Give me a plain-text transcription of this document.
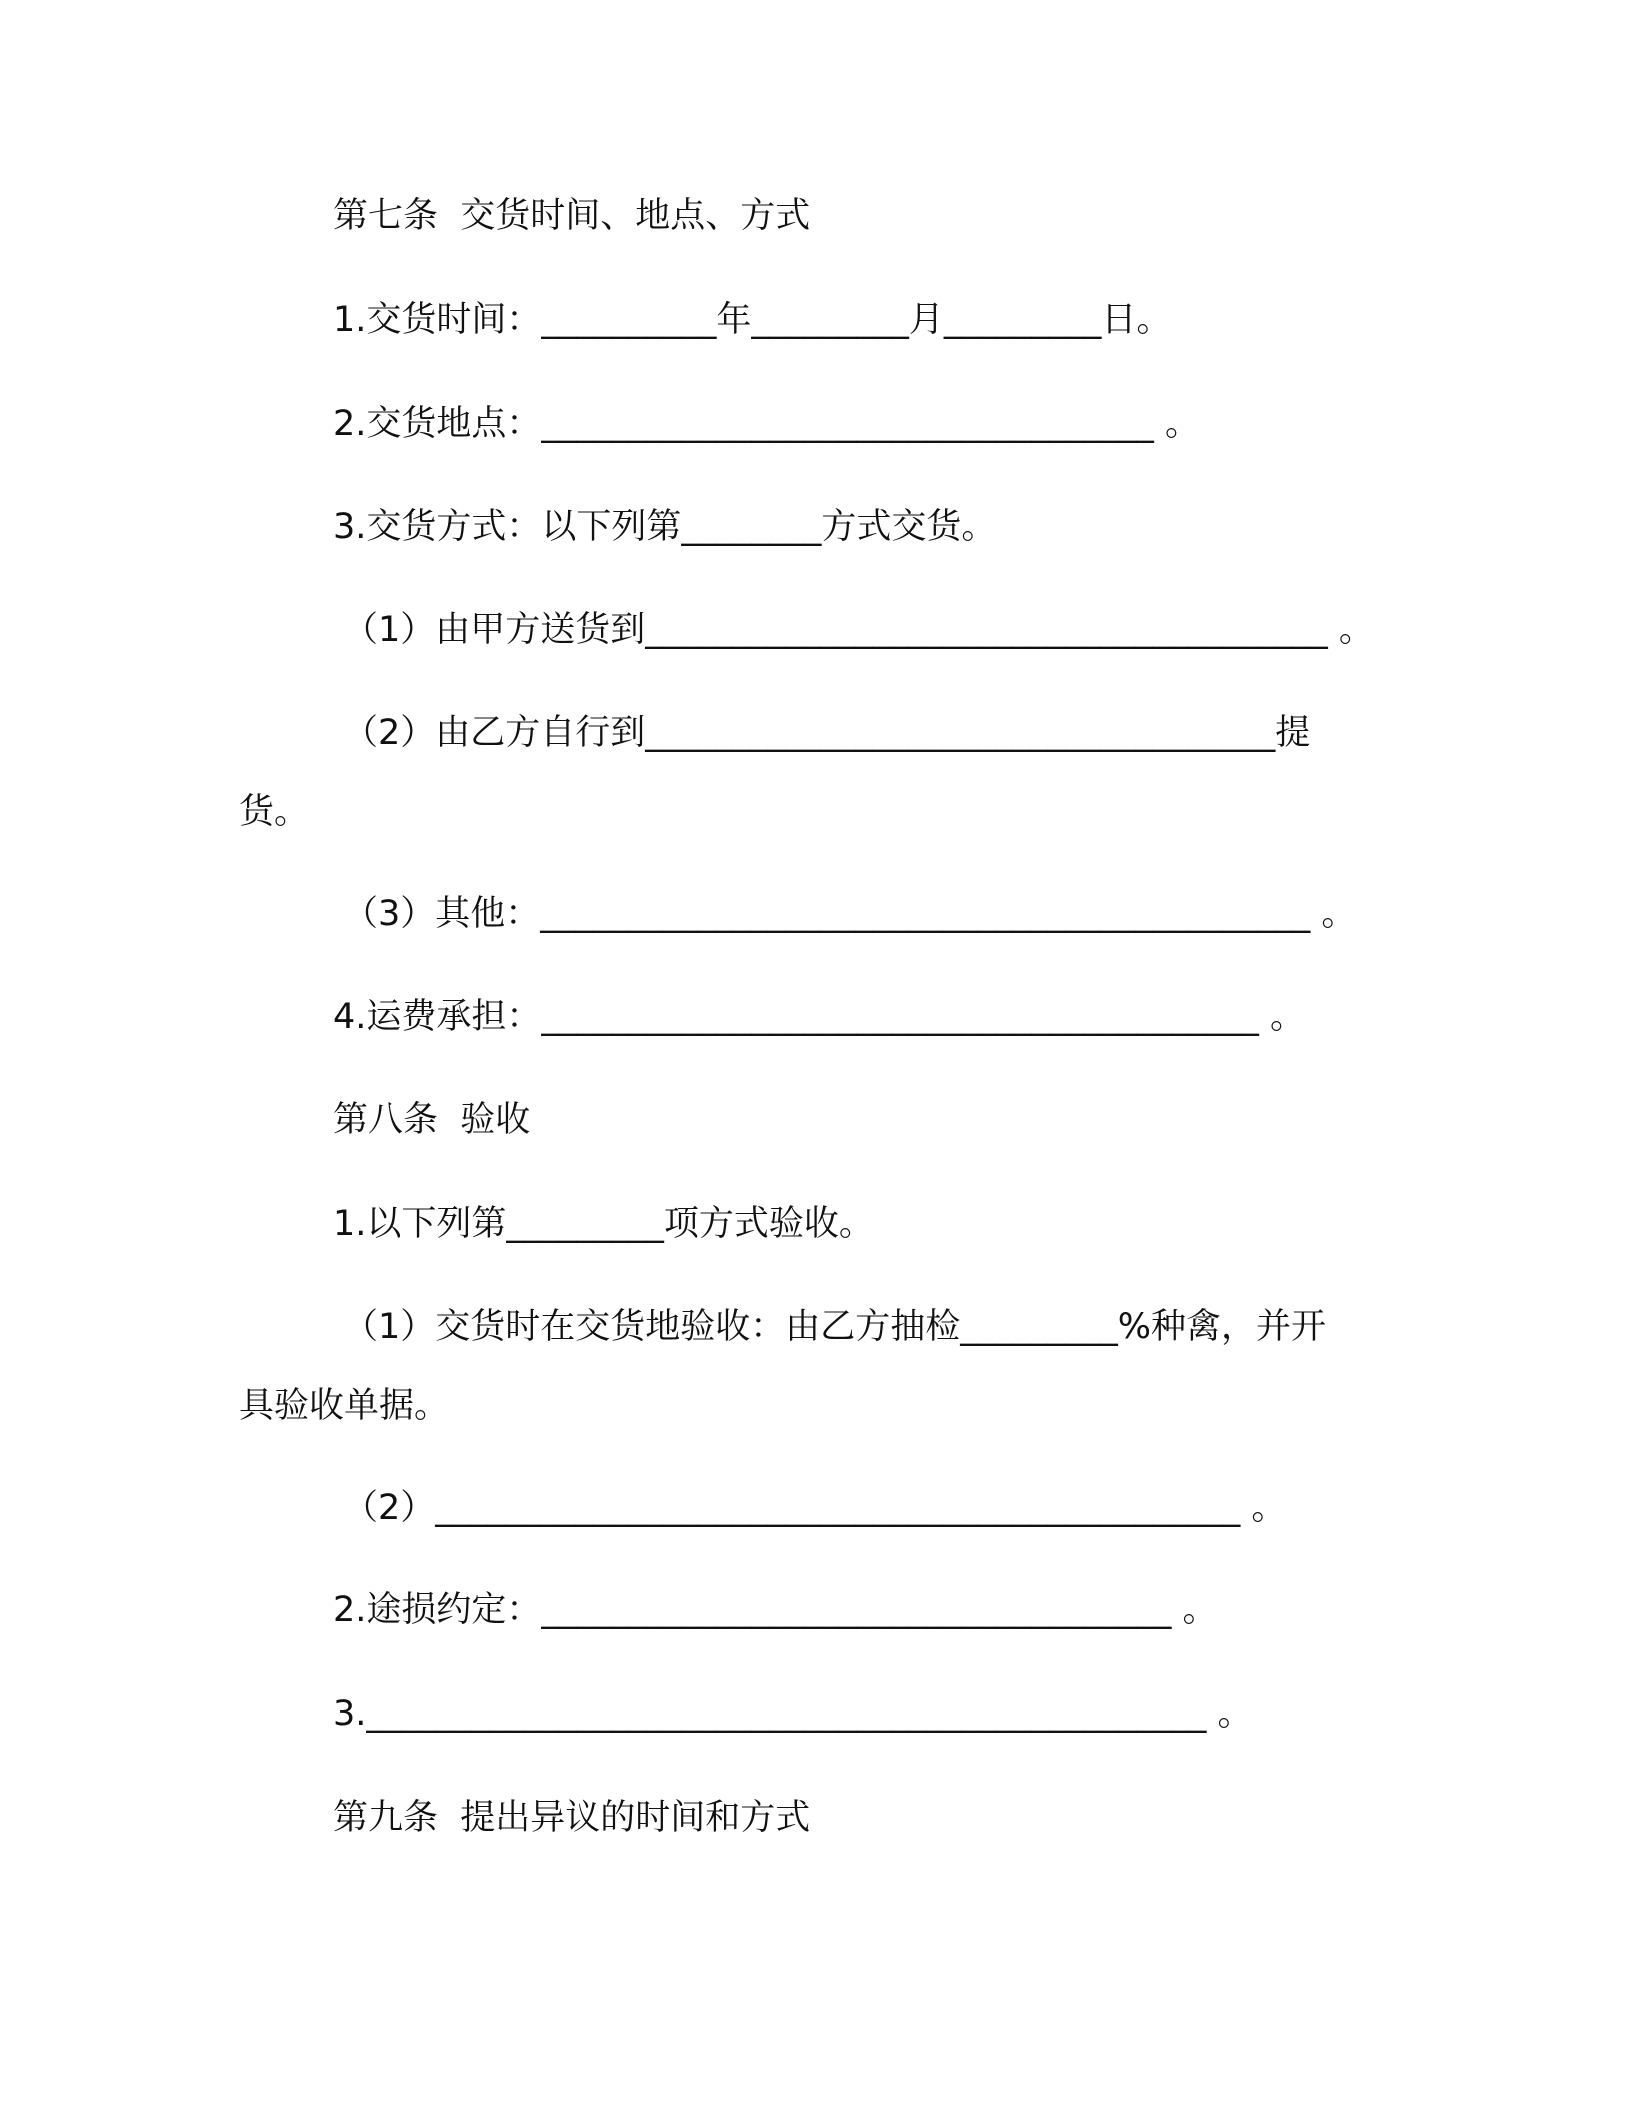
第七条  交货时间、地点、方式
1.交货时间：__________年_________月_________日。
2.交货地点：___________________________________ 。
3.交货方式：以下列第________方式交货。
（1）由甲方送货到_______________________________________ 。
（2）由乙方自行到____________________________________提
货。
（3）其他：____________________________________________ 。
4.运费承担：_________________________________________ 。
第八条  验收
1.以下列第_________项方式验收。
（1）交货时在交货地验收：由乙方抽检_________%种禽，并开
具验收单据。
（2）______________________________________________ 。
2.途损约定：____________________________________ 。
3.________________________________________________ 。
第九条  提出异议的时间和方式
